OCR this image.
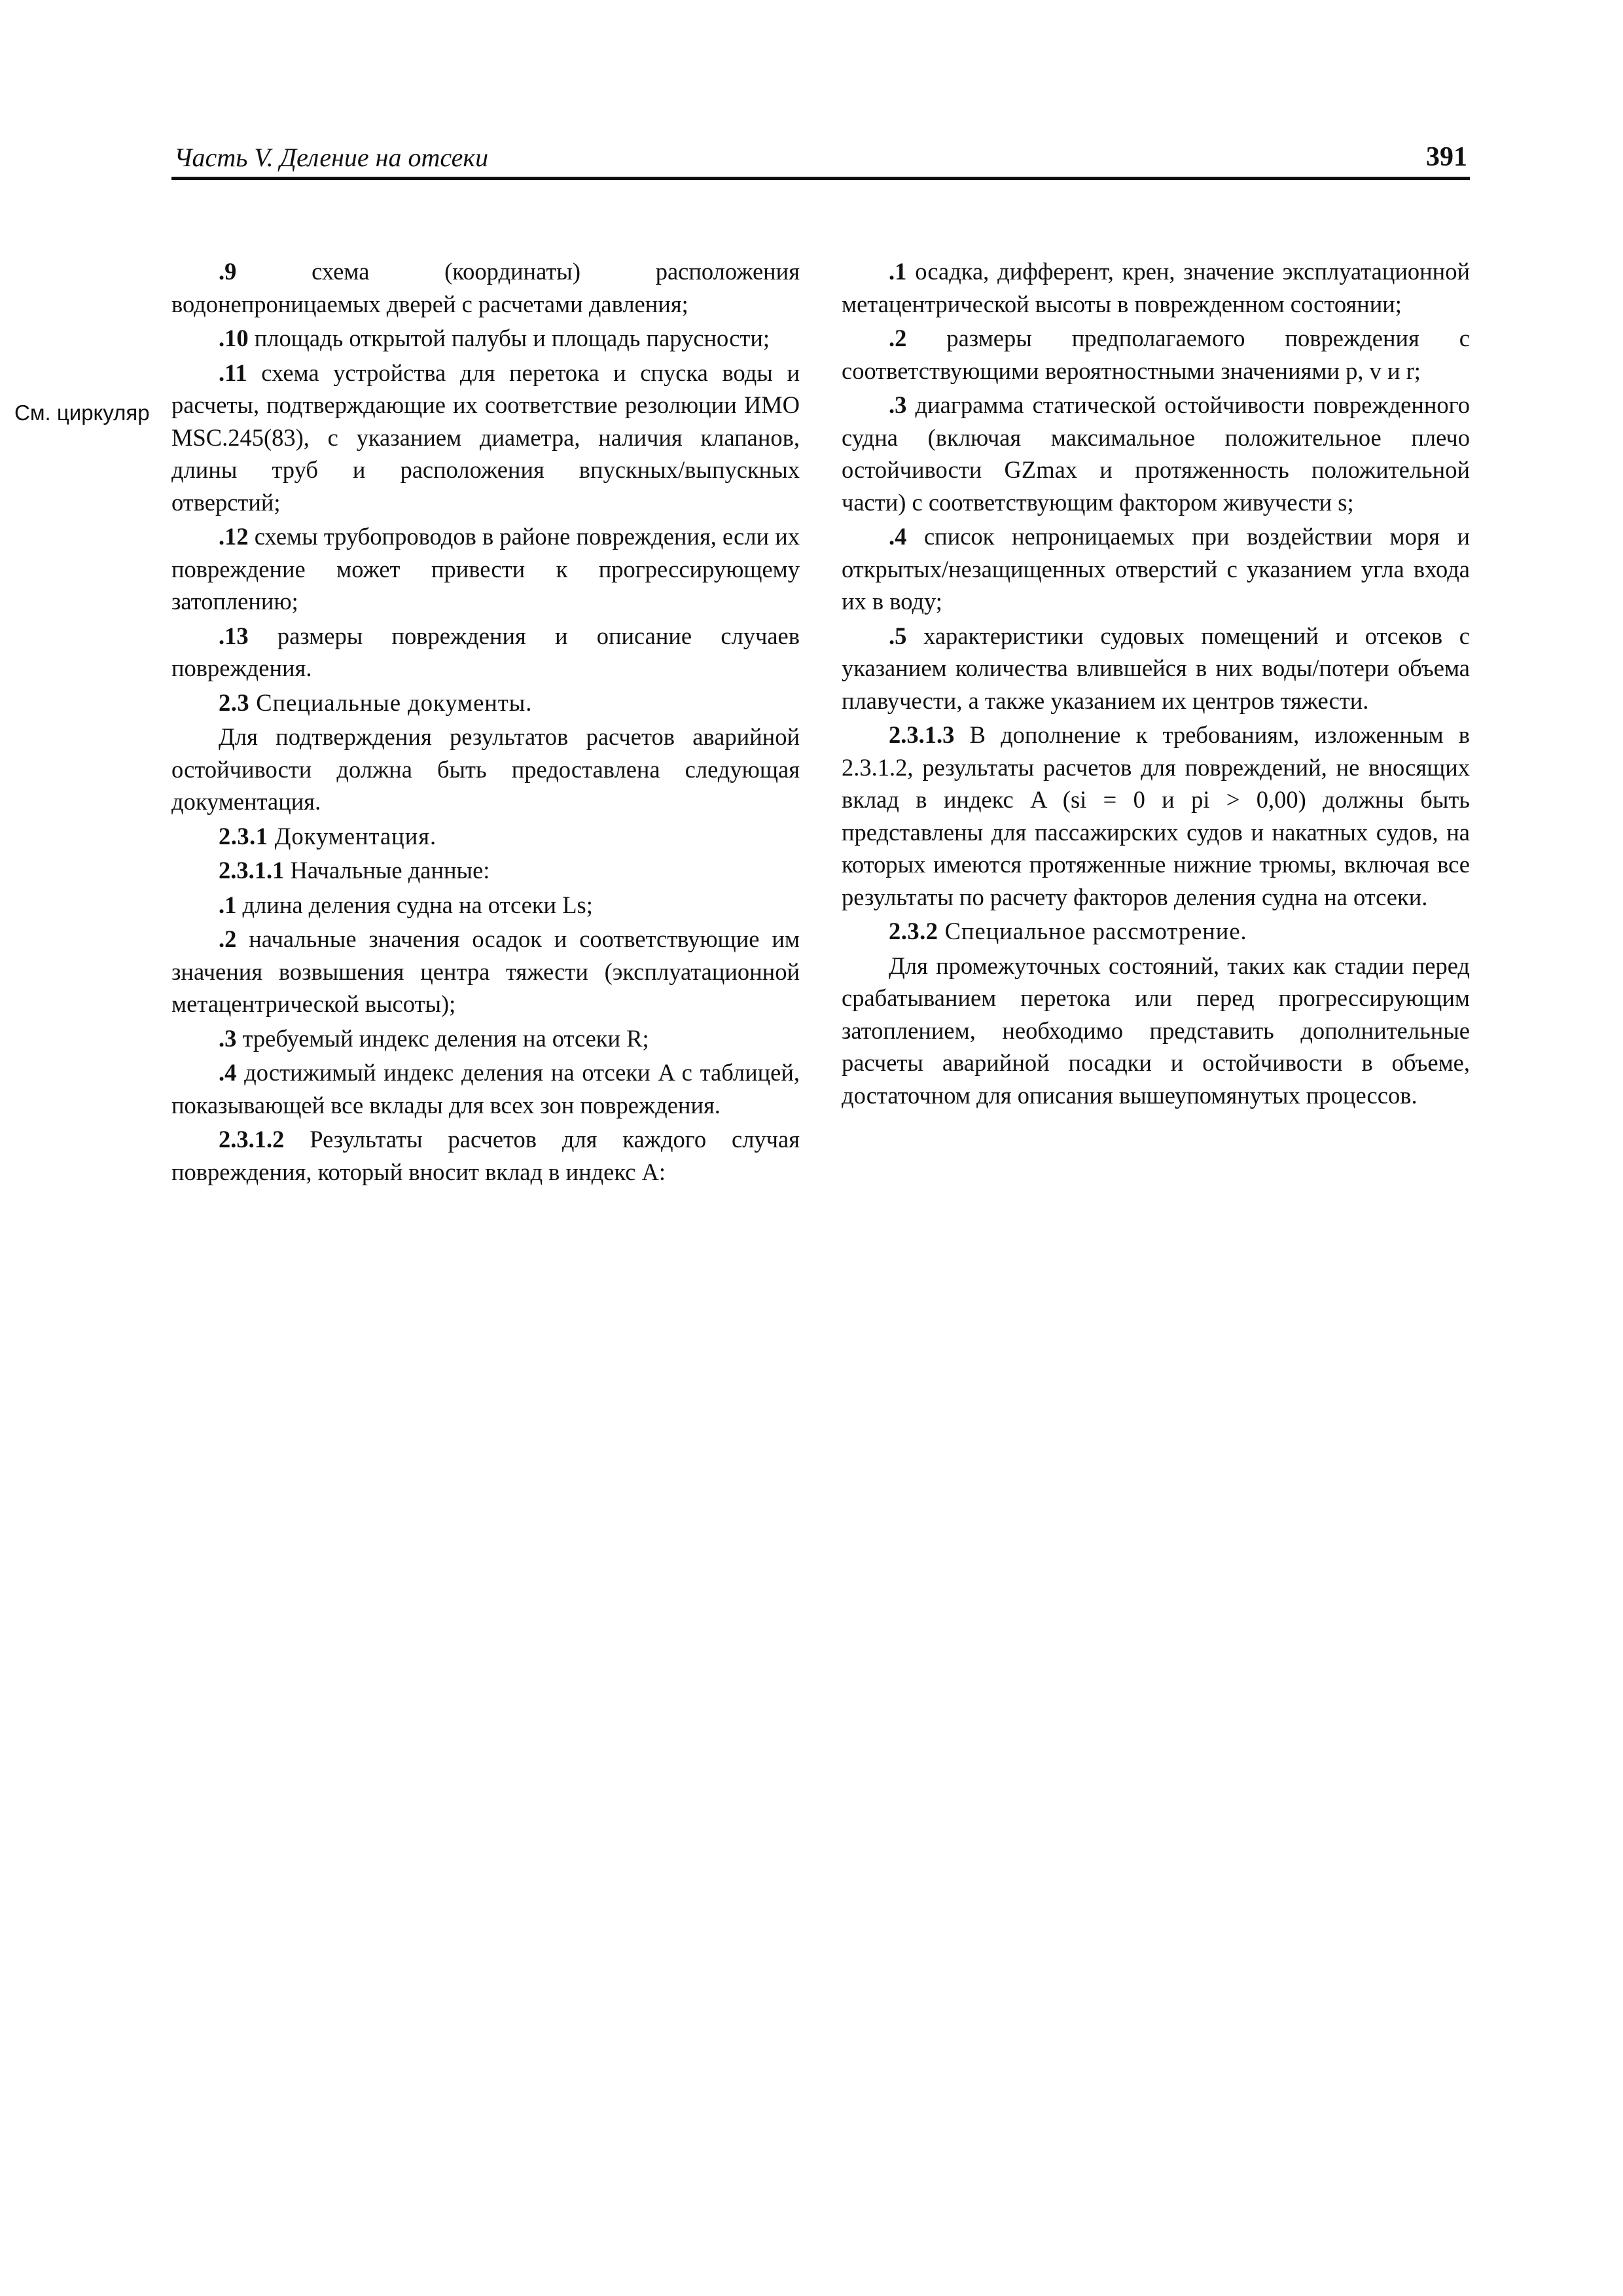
Часть V. Деление на отсеки	391
См. циркуляр

.9 схема (координаты) расположения водонепроницаемых дверей с расчетами давления;

.10 площадь открытой палубы и площадь парусности;

.11 схема устройства для перетока и спуска воды и расчеты, подтверждающие их соответствие резолюции ИМО MSC.245(83), с указанием диаметра, наличия клапанов, длины труб и расположения впускных/выпускных отверстий;

.12 схемы трубопроводов в районе повреждения, если их повреждение может привести к прогрессирующему затоплению;

.13 размеры повреждения и описание случаев повреждения.

2.3 Специальные документы.

Для подтверждения результатов расчетов аварийной остойчивости должна быть предоставлена следующая документация.

2.3.1 Документация.

2.3.1.1 Начальные данные:

.1 длина деления судна на отсеки Ls;

.2 начальные значения осадок и соответствующие им значения возвышения центра тяжести (эксплуатационной метацентрической высоты);

.3 требуемый индекс деления на отсеки R;

.4 достижимый индекс деления на отсеки A с таблицей, показывающей все вклады для всех зон повреждения.

2.3.1.2 Результаты расчетов для каждого случая повреждения, который вносит вклад в индекс A:

.1 осадка, дифферент, крен, значение эксплуатационной метацентрической высоты в поврежденном состоянии;

.2 размеры предполагаемого повреждения с соответствующими вероятностными значениями p, v и r;

.3 диаграмма статической остойчивости поврежденного судна (включая максимальное положительное плечо остойчивости GZmax и протяженность положительной части) с соответствующим фактором живучести s;

.4 список непроницаемых при воздействии моря и открытых/незащищенных отверстий с указанием угла входа их в воду;

.5 характеристики судовых помещений и отсеков с указанием количества влившейся в них воды/потери объема плавучести, а также указанием их центров тяжести.

2.3.1.3 В дополнение к требованиям, изложенным в 2.3.1.2, результаты расчетов для повреждений, не вносящих вклад в индекс A (si = 0 и pi > 0,00) должны быть представлены для пассажирских судов и накатных судов, на которых имеются протяженные нижние трюмы, включая все результаты по расчету факторов деления судна на отсеки.

2.3.2 Специальное рассмотрение.

Для промежуточных состояний, таких как стадии перед срабатыванием перетока или перед прогрессирующим затоплением, необходимо представить дополнительные расчеты аварийной посадки и остойчивости в объеме, достаточном для описания вышеупомянутых процессов.
